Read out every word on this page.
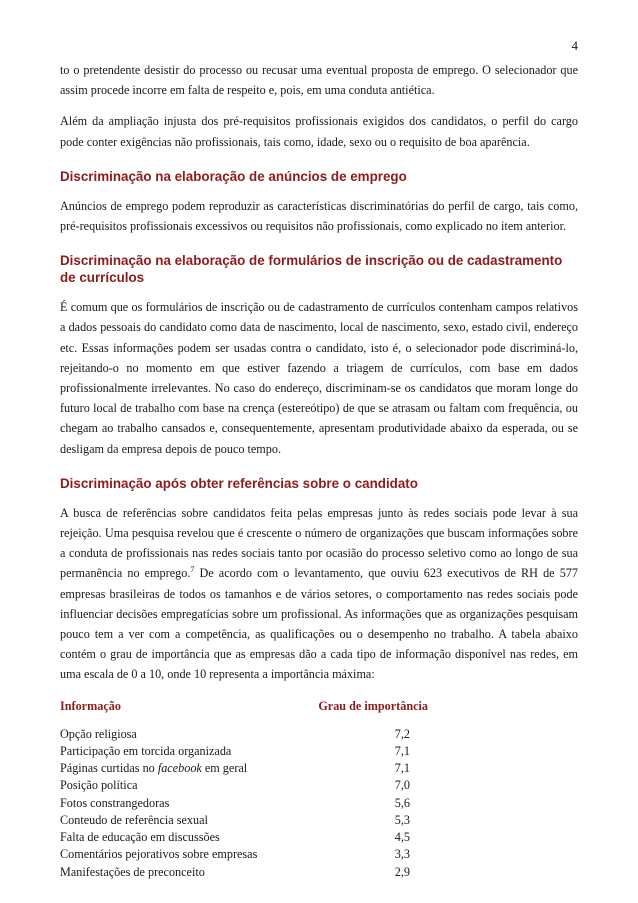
4

to o pretendente desistir do processo ou recusar uma eventual proposta de emprego. O selecionador que assim procede incorre em falta de respeito e, pois, em uma conduta antiética.

Além da ampliação injusta dos pré-requisitos profissionais exigidos dos candidatos, o perfil do cargo pode conter exigências não profissionais, tais como, idade, sexo ou o requisito de boa aparência.

Discriminação na elaboração de anúncios de emprego

Anúncios de emprego podem reproduzir as características discriminatórias do perfil de cargo, tais como, pré-requisitos profissionais excessivos ou requisitos não profissionais, como explicado no item anterior.

Discriminação na elaboração de formulários de inscrição ou de cadastramento de currículos

É comum que os formulários de inscrição ou de cadastramento de currículos contenham campos relativos a dados pessoais do candidato como data de nascimento, local de nascimento, sexo, estado civil, endereço etc. Essas informações podem ser usadas contra o candidato, isto é, o selecionador pode discriminá-lo, rejeitando-o no momento em que estiver fazendo a triagem de currículos, com base em dados profissionalmente irrelevantes. No caso do endereço, discriminam-se os candidatos que moram longe do futuro local de trabalho com base na crença (estereótipo) de que se atrasam ou faltam com frequência, ou chegam ao trabalho cansados e, consequentemente, apresentam produtividade abaixo da esperada, ou se desligam da empresa depois de pouco tempo.

Discriminação após obter referências sobre o candidato

A busca de referências sobre candidatos feita pelas empresas junto às redes sociais pode levar à sua rejeição. Uma pesquisa revelou que é crescente o número de organizações que buscam informações sobre a conduta de profissionais nas redes sociais tanto por ocasião do processo seletivo como ao longo de sua permanência no emprego.$^7$ De acordo com o levantamento, que ouviu 623 executivos de RH de 577 empresas brasileiras de todos os tamanhos e de vários setores, o comportamento nas redes sociais pode influenciar decisões empregatícias sobre um profissional. As informações que as organizações pesquisam pouco tem a ver com a competência, as qualificações ou o desempenho no trabalho. A tabela abaixo contém o grau de importância que as empresas dão a cada tipo de informação disponível nas redes, em uma escala de 0 a 10, onde 10 representa a importância máxima:

Informação	Grau de importância
Opção religiosa	7,2
Participação em torcida organizada	7,1
Páginas curtidas no facebook em geral	7,1
Posição política	7,0
Fotos constrangedoras	5,6
Conteudo de referência sexual	5,3
Falta de educação em discussões	4,5
Comentários pejorativos sobre empresas	3,3
Manifestações de preconceito	2,9
